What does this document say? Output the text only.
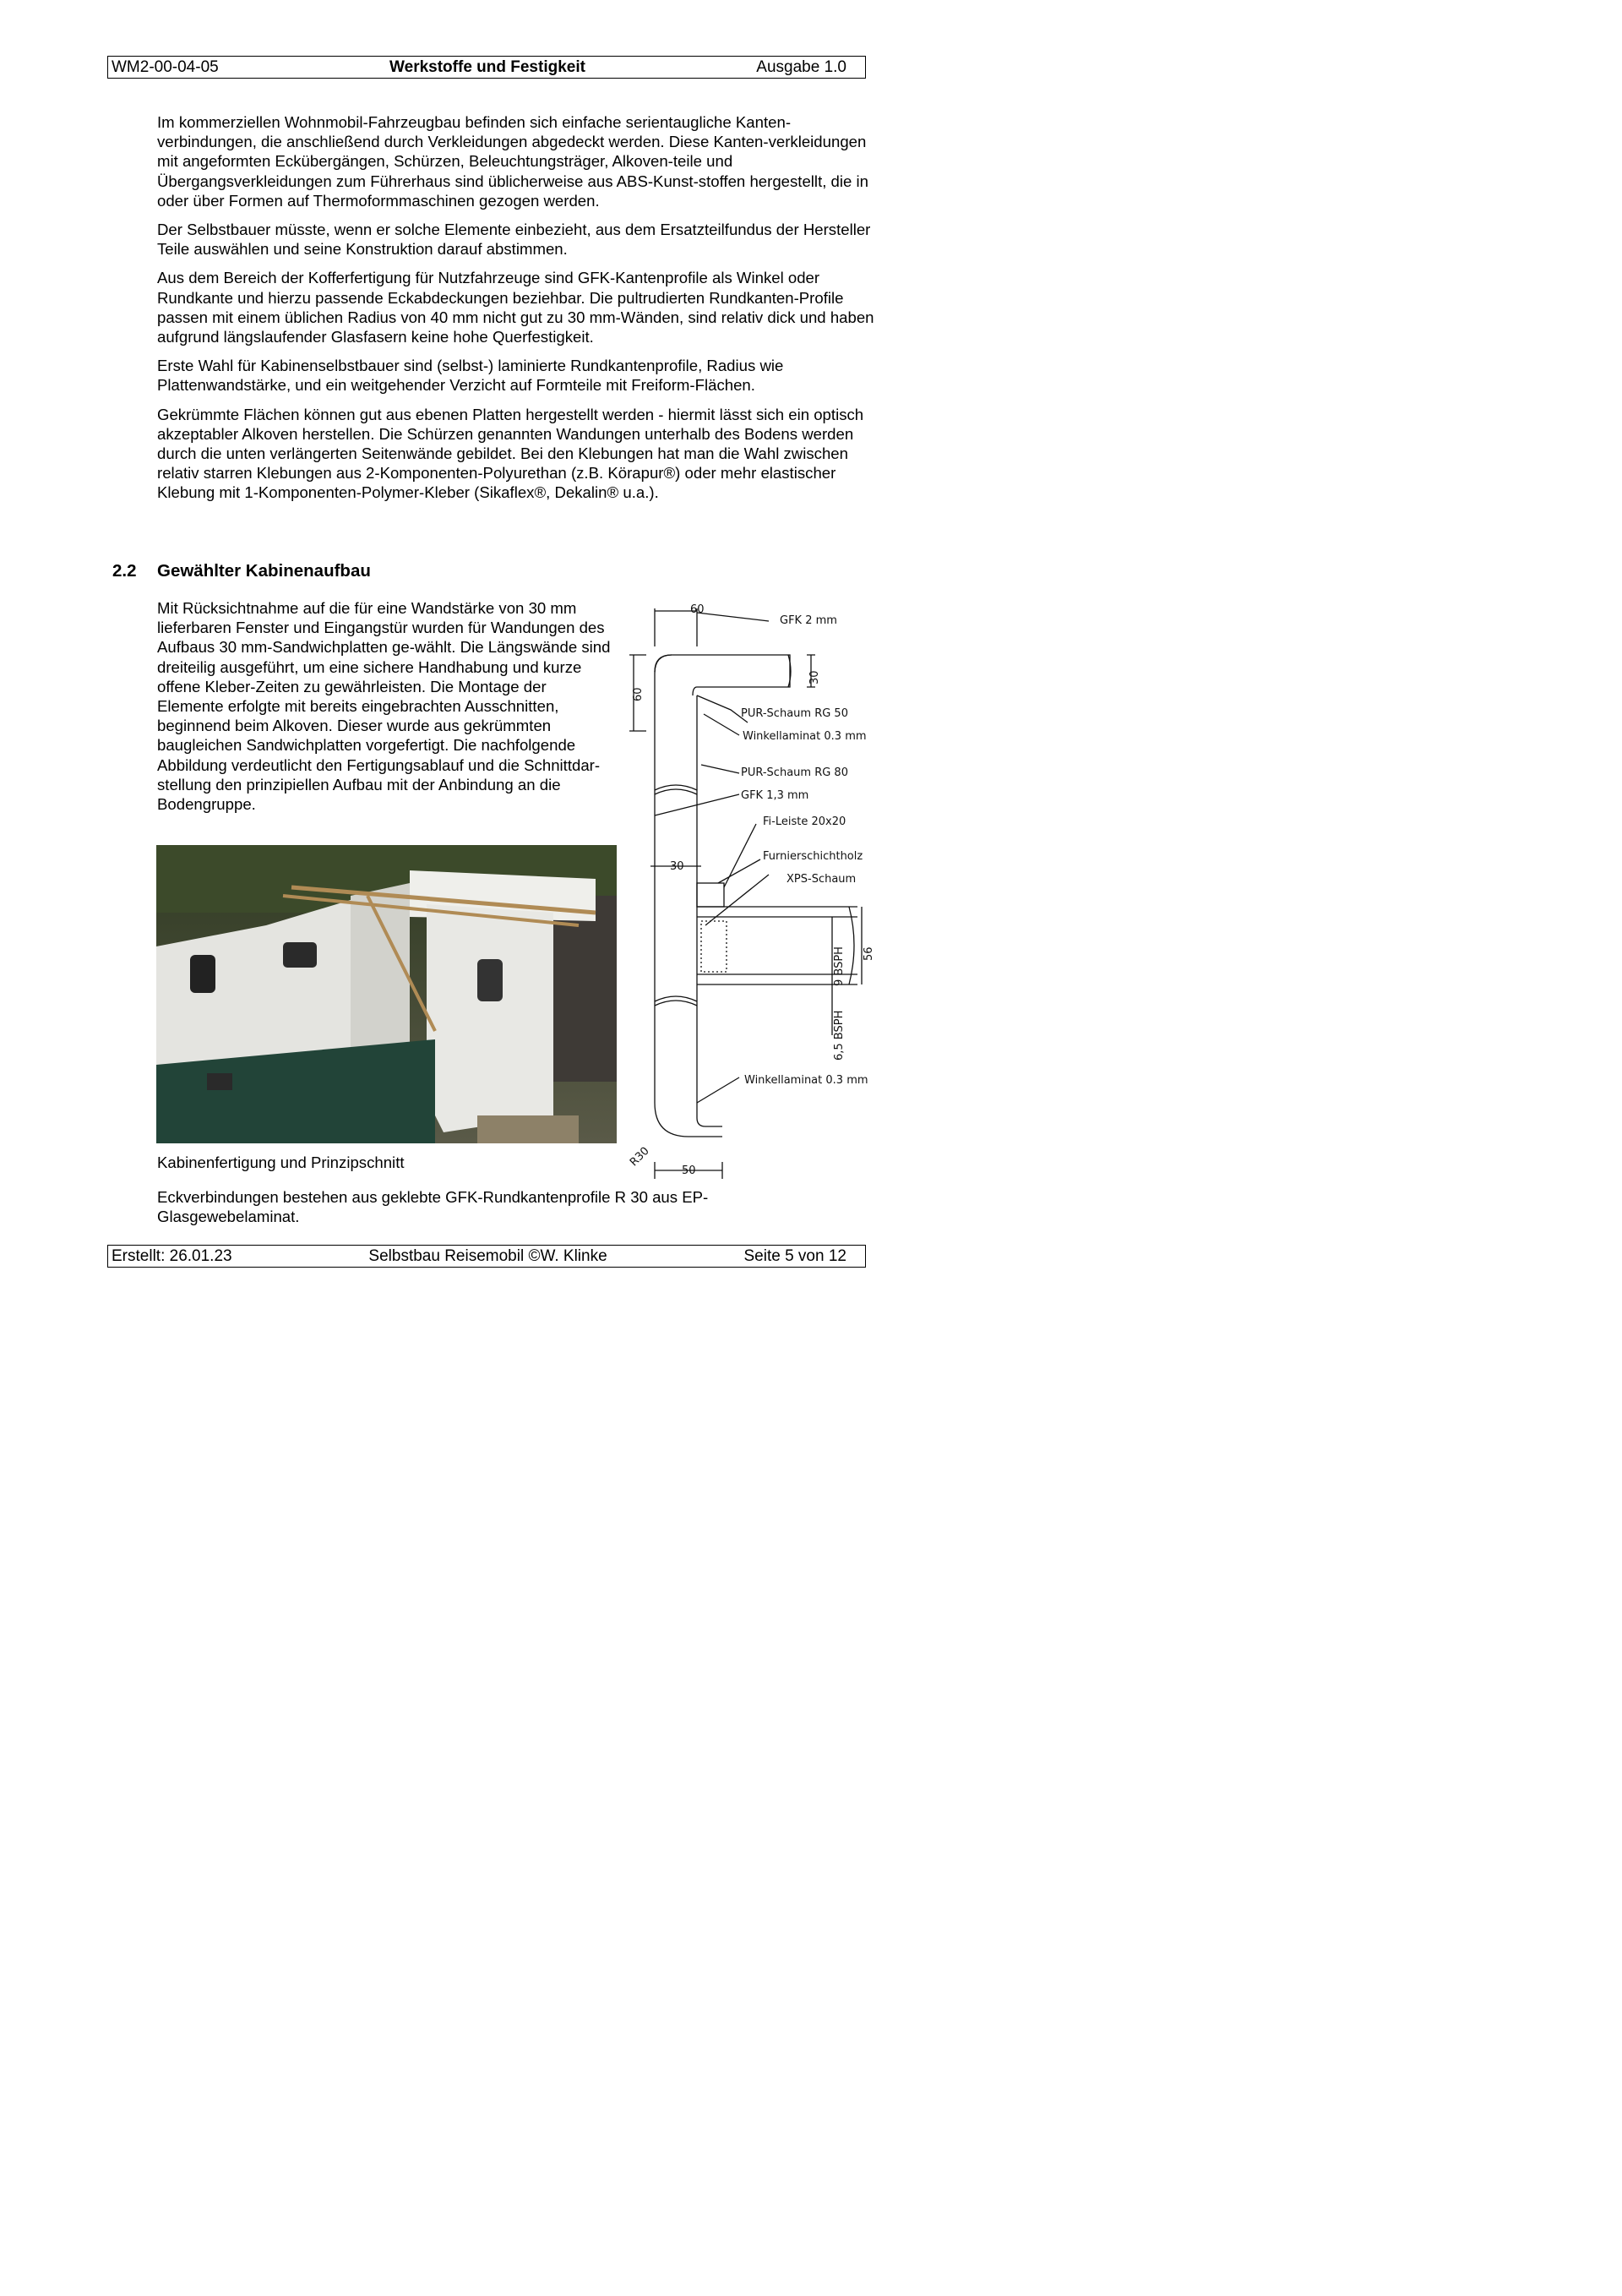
WM2-00-04-05	Werkstoffe und Festigkeit	Ausgabe 1.0

Im kommerziellen Wohnmobil-Fahrzeugbau befinden sich einfache serientaugliche Kanten-verbindungen, die anschließend durch Verkleidungen abgedeckt werden. Diese Kanten-verkleidungen mit angeformten Eckübergängen, Schürzen, Beleuchtungsträger, Alkoven-teile und Übergangsverkleidungen zum Führerhaus sind üblicherweise aus ABS-Kunst-stoffen hergestellt, die in oder über Formen auf Thermoformmaschinen gezogen werden.

Der Selbstbauer müsste, wenn er solche Elemente einbezieht, aus dem Ersatzteilfundus der Hersteller Teile auswählen und seine Konstruktion darauf abstimmen.

Aus dem Bereich der Kofferfertigung für Nutzfahrzeuge sind GFK-Kantenprofile als Winkel oder Rundkante und hierzu passende Eckabdeckungen beziehbar. Die pultrudierten Rundkanten-Profile passen mit einem üblichen Radius von 40 mm nicht gut zu 30 mm-Wänden, sind relativ dick und haben aufgrund längslaufender Glasfasern keine hohe Querfestigkeit.

Erste Wahl für Kabinenselbstbauer sind (selbst-) laminierte Rundkantenprofile, Radius wie Plattenwandstärke, und ein weitgehender Verzicht auf Formteile mit Freiform-Flächen.

Gekrümmte Flächen können gut aus ebenen Platten hergestellt werden - hiermit lässt sich ein optisch akzeptabler Alkoven herstellen. Die Schürzen genannten Wandungen unterhalb des Bodens werden durch die unten verlängerten Seitenwände gebildet. Bei den Klebungen hat man die Wahl zwischen relativ starren Klebungen aus 2-Komponenten-Polyurethan (z.B. Körapur®) oder mehr elastischer Klebung mit 1-Komponenten-Polymer-Kleber (Sikaflex®, Dekalin® u.a.).

2.2 Gewählter Kabinenaufbau
Mit Rücksichtnahme auf die für eine Wandstärke von 30 mm lieferbaren Fenster und Eingangstür wurden für Wandungen des Aufbaus 30 mm-Sandwichplatten ge-wählt. Die Längswände sind dreiteilig ausgeführt, um eine sichere Handhabung und kurze offene Kleber-Zeiten zu gewährleisten. Die Montage der Elemente erfolgte mit bereits eingebrachten Ausschnitten, beginnend beim Alkoven. Dieser wurde aus gekrümmten baugleichen Sandwichplatten vorgefertigt. Die nachfolgende Abbildung verdeutlicht den Fertigungsablauf und die Schnittdar-stellung den prinzipiellen Aufbau mit der Anbindung an die Bodengruppe.
Kabinenfertigung und Prinzipschnitt
60
GFK 2 mm
60
30
PUR-Schaum RG 50
Winkellaminat 0.3 mm
PUR-Schaum RG 80
GFK 1,3 mm
Fi-Leiste 20x20
Furnierschichtholz
XPS-Schaum
30
56
9 BSPH
6,5 BSPH
Winkellaminat 0.3 mm
R30
50
Eckverbindungen bestehen aus geklebte GFK-Rundkantenprofile R 30 aus EP-Glasgewebelaminat.
Erstellt: 26.01.23	Selbstbau Reisemobil ©W. Klinke	Seite 5 von 12
